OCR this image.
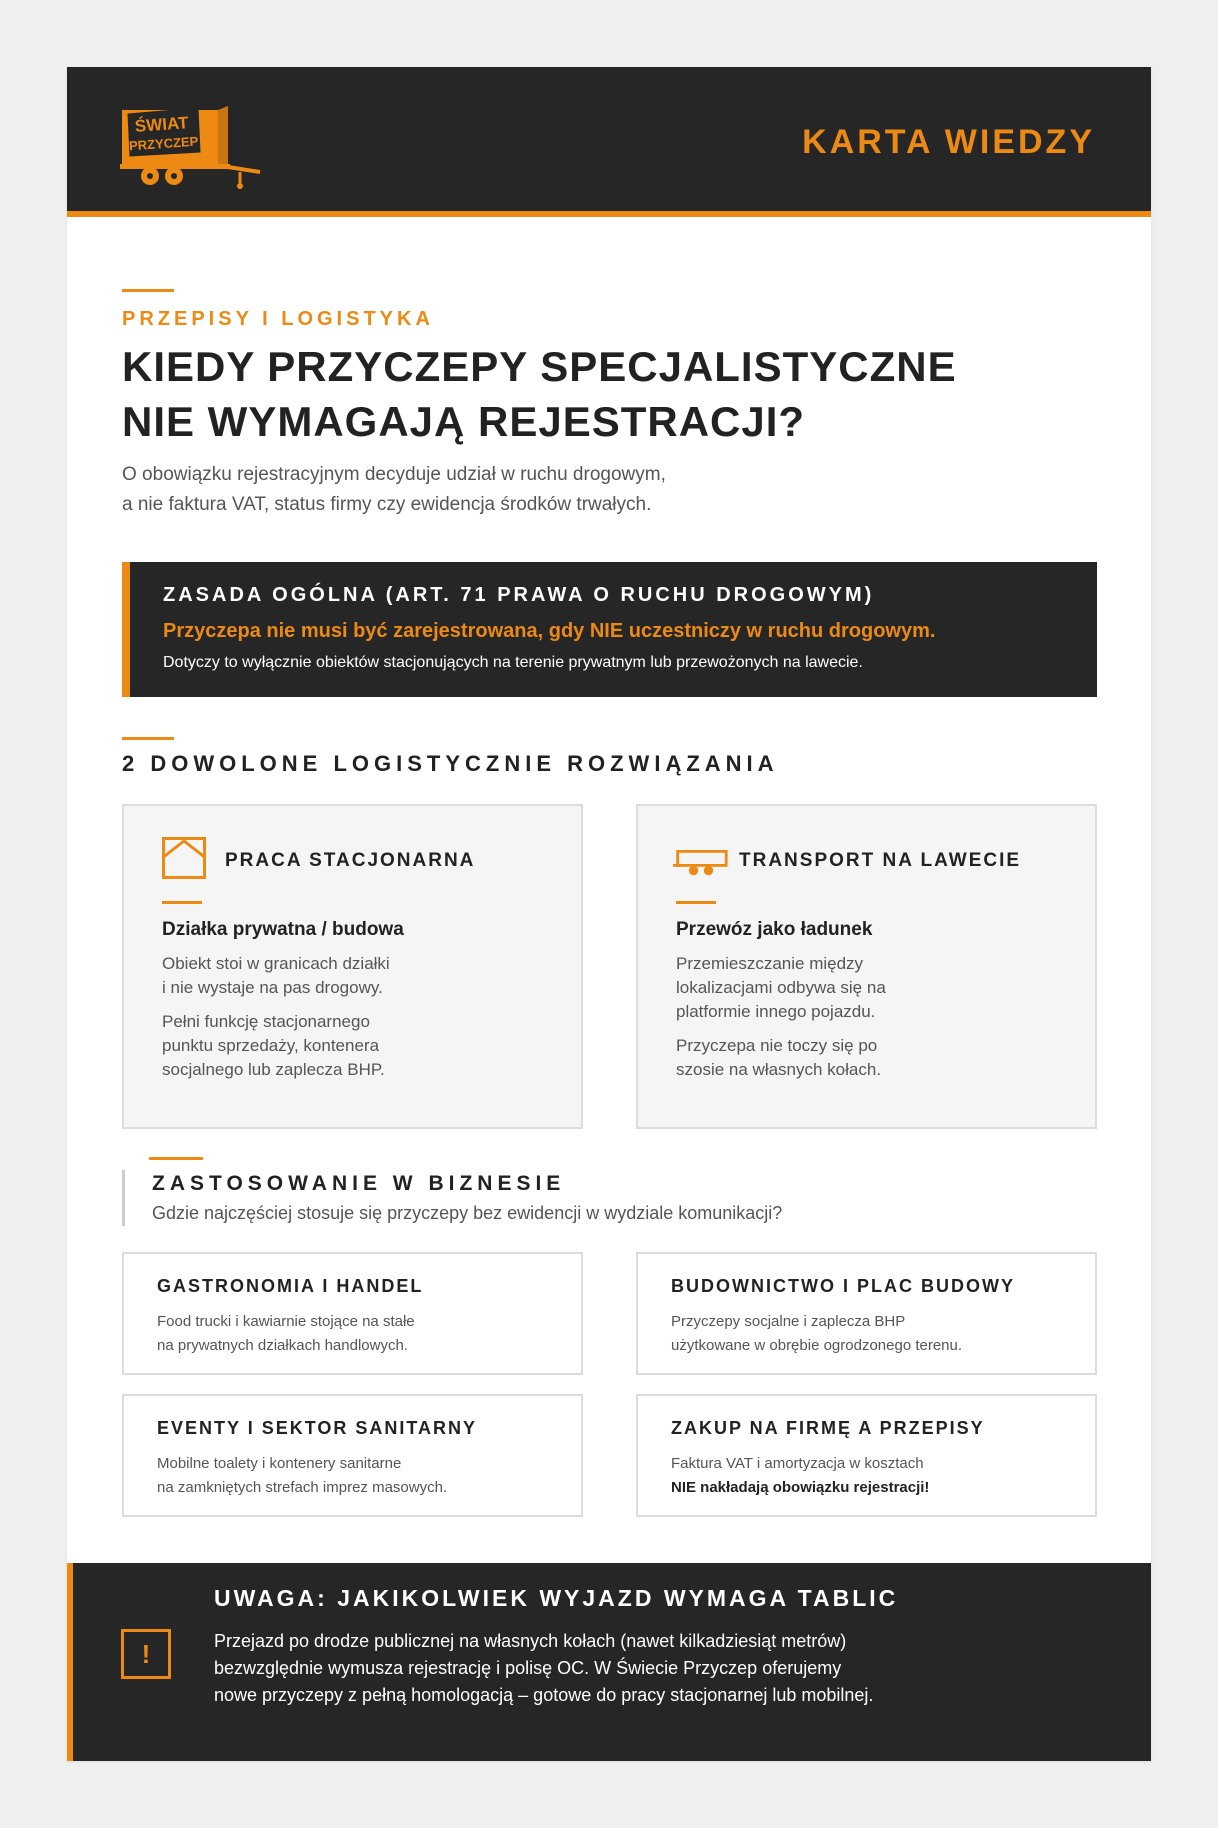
ŚWIAT
PRZYCZEP	KARTA WIEDZY
PRZEPISY I LOGISTYKA
KIEDY PRZYCZEPY SPECJALISTYCZNE
NIE WYMAGAJĄ REJESTRACJI?
O obowiązku rejestracyjnym decyduje udział w ruchu drogowym,
a nie faktura VAT, status firmy czy ewidencja środków trwałych.
ZASADA OGÓLNA (ART. 71 PRAWA O RUCHU DROGOWYM)
Przyczepa nie musi być zarejestrowana, gdy NIE uczestniczy w ruchu drogowym.
Dotyczy to wyłącznie obiektów stacjonujących na terenie prywatnym lub przewożonych na lawecie.
2 DOWOLONE LOGISTYCZNIE ROZWIĄZANIA
PRACA STACJONARNA
Działka prywatna / budowa
Obiekt stoi w granicach działki
i nie wystaje na pas drogowy.
Pełni funkcję stacjonarnego
punktu sprzedaży, kontenera
socjalnego lub zaplecza BHP.
TRANSPORT NA LAWECIE
Przewóz jako ładunek
Przemieszczanie między
lokalizacjami odbywa się na
platformie innego pojazdu.
Przyczepa nie toczy się po
szosie na własnych kołach.
ZASTOSOWANIE W BIZNESIE
Gdzie najczęściej stosuje się przyczepy bez ewidencji w wydziale komunikacji?
GASTRONOMIA I HANDEL
Food trucki i kawiarnie stojące na stałe
na prywatnych działkach handlowych.
BUDOWNICTWO I PLAC BUDOWY
Przyczepy socjalne i zaplecza BHP
użytkowane w obrębie ogrodzonego terenu.
EVENTY I SEKTOR SANITARNY
Mobilne toalety i kontenery sanitarne
na zamkniętych strefach imprez masowych.
ZAKUP NA FIRMĘ A PRZEPISY
Faktura VAT i amortyzacja w kosztach
NIE nakładają obowiązku rejestracji!
!
UWAGA: JAKIKOLWIEK WYJAZD WYMAGA TABLIC
Przejazd po drodze publicznej na własnych kołach (nawet kilkadziesiąt metrów)
bezwzględnie wymusza rejestrację i polisę OC. W Świecie Przyczep oferujemy
nowe przyczepy z pełną homologacją – gotowe do pracy stacjonarnej lub mobilnej.
